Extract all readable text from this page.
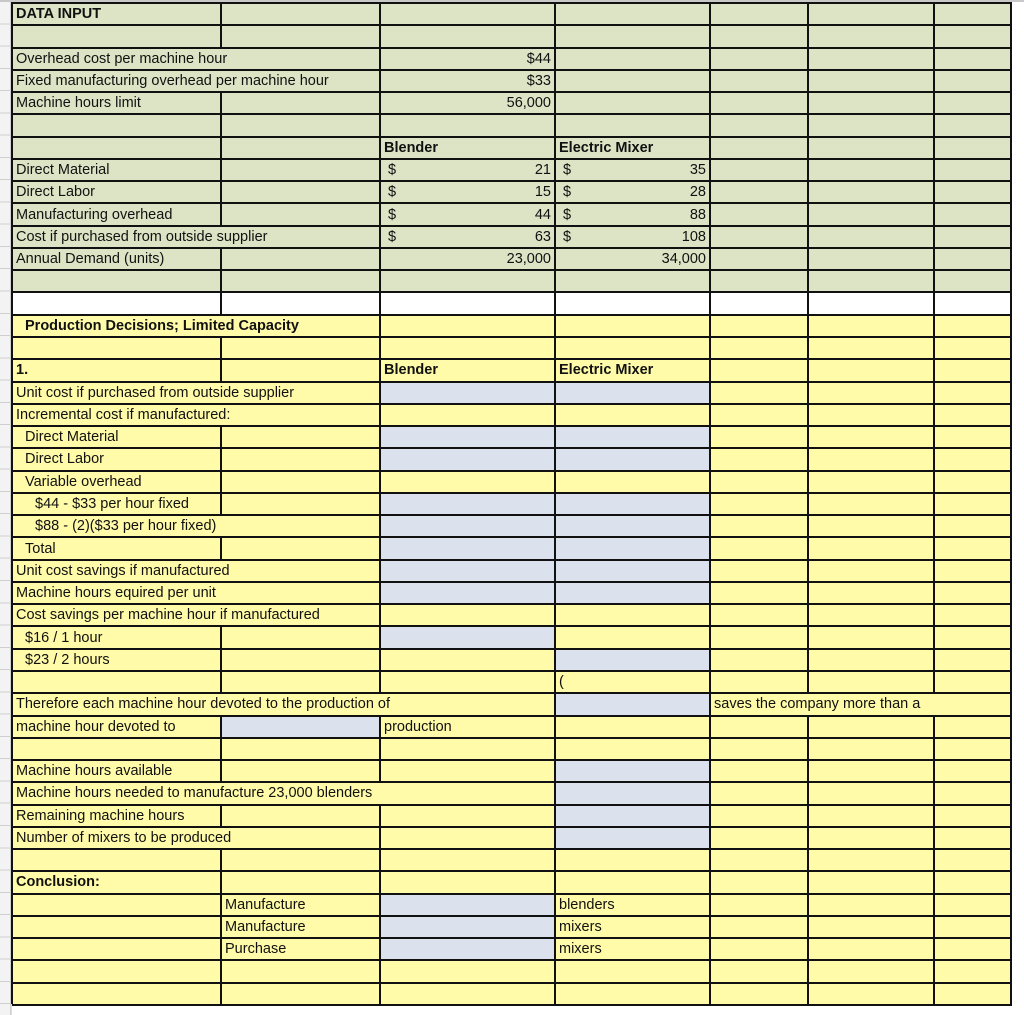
DATA INPUT						

Overhead cost per machine hour		$44				
Fixed manufacturing overhead per machine hour		$33				
Machine hours limit		56,000				

		Blender	Electric Mixer			
Direct Material		$ 21	$ 35			

Direct Labor		$ 15	$ 28			

Manufacturing overhead		$ 44	$ 88			

Cost if purchased from outside supplier		$ 63	$ 108			

Annual Demand (units)		23,000	34,000			

Production Decisions; Limited Capacity						

1.		Blender	Electric Mixer			
Unit cost if purchased from outside supplier						
Incremental cost if manufactured:						
Direct Material						
Direct Labor						
Variable overhead						
$44 - $33 per hour fixed						
$88 - (2)($33 per hour fixed)						
Total						
Unit cost savings if manufactured						
Machine hours equired per unit						
Cost savings per machine hour if manufactured						
$16 / 1 hour						
$23 / 2 hours						
			(			
Therefore each machine hour devoted to the production of				saves the company more than a		
machine hour devoted to		production				

Machine hours available						
Machine hours needed to manufacture 23,000 blenders						
Remaining machine hours						
Number of mixers to be produced						

Conclusion:						
	Manufacture		blenders			
	Manufacture		mixers			
	Purchase		mixers			
